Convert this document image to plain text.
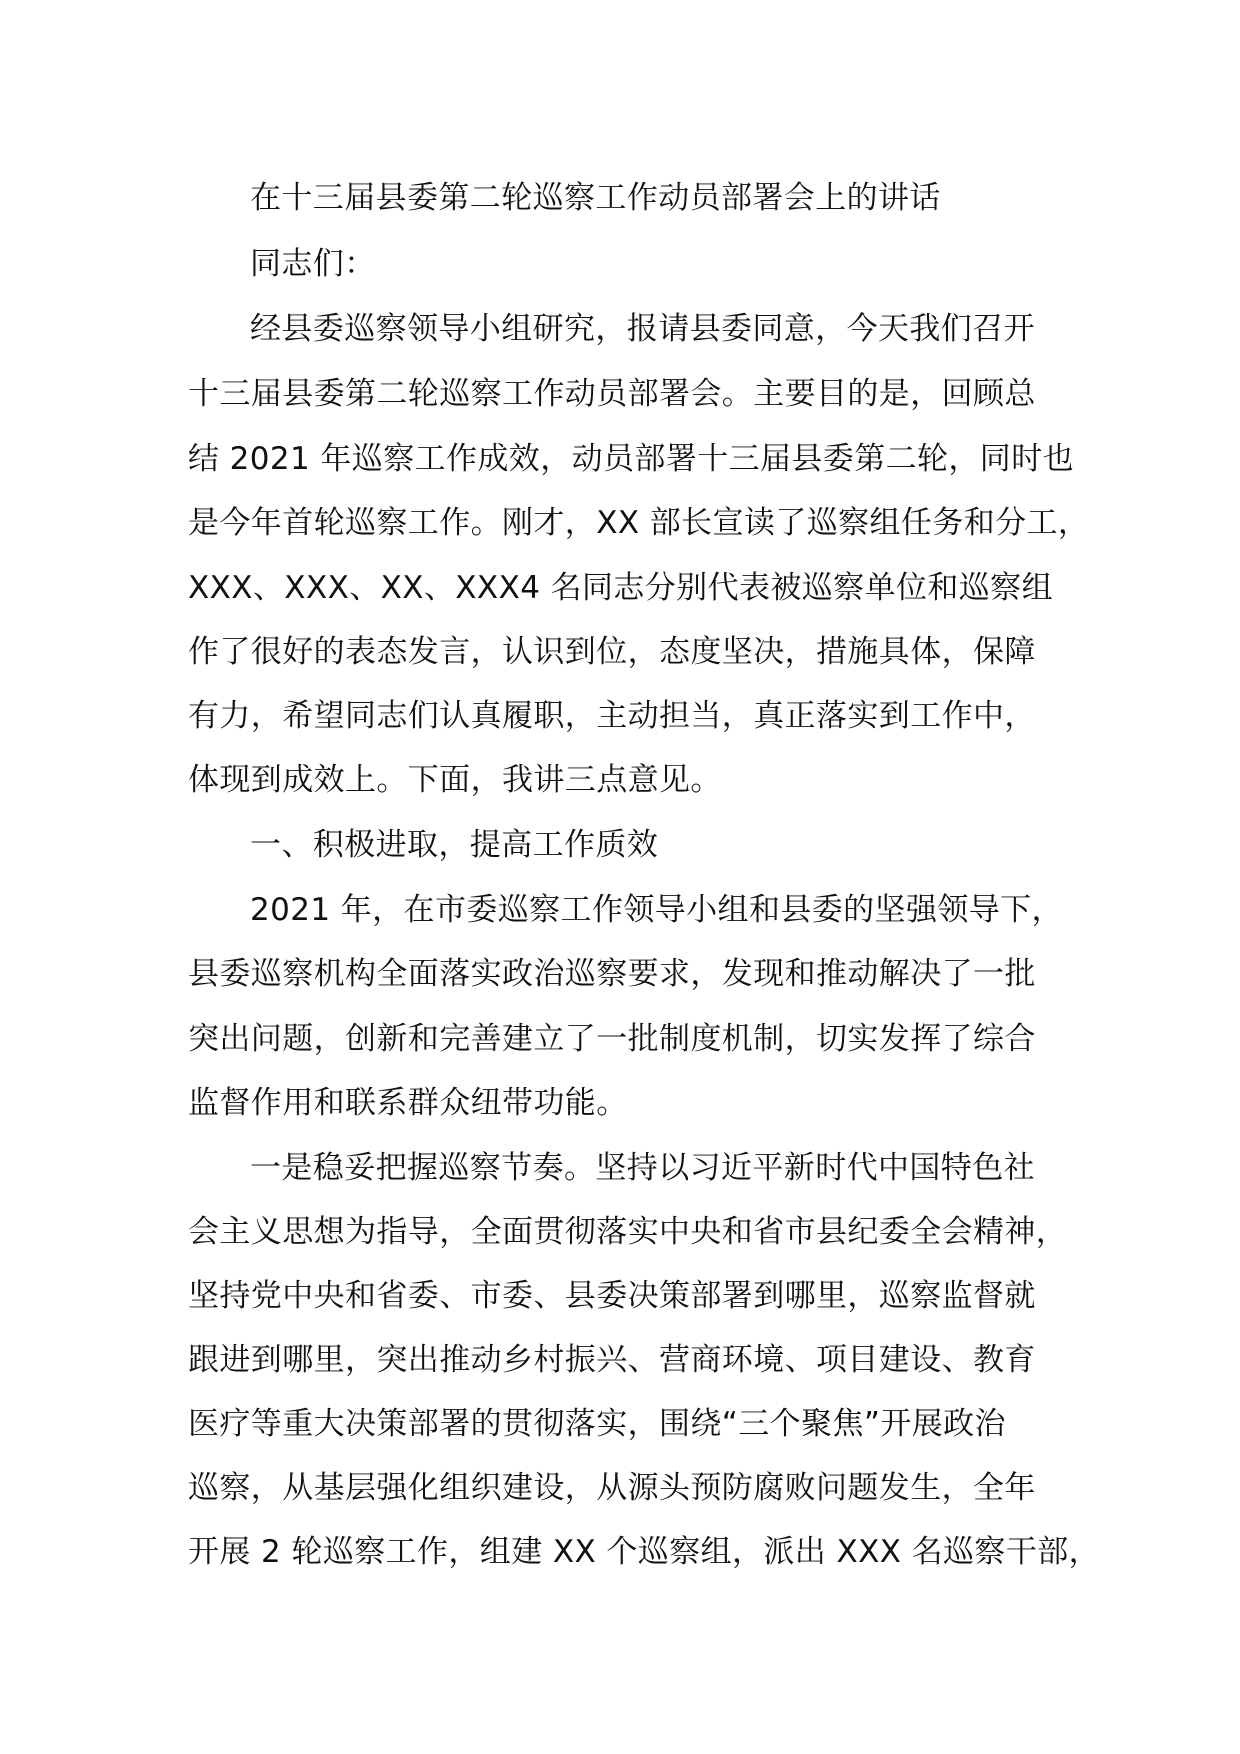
在十三届县委第二轮巡察工作动员部署会上的讲话
同志们：
经县委巡察领导小组研究，报请县委同意，今天我们召开
十三届县委第二轮巡察工作动员部署会。主要目的是，回顾总
结 2021 年巡察工作成效，动员部署十三届县委第二轮，同时也
是今年首轮巡察工作。刚才，XX 部长宣读了巡察组任务和分工，
XXX、XXX、XX、XXX4 名同志分别代表被巡察单位和巡察组
作了很好的表态发言，认识到位，态度坚决，措施具体，保障
有力，希望同志们认真履职，主动担当，真正落实到工作中，
体现到成效上。下面，我讲三点意见。
一、积极进取，提高工作质效
2021 年，在市委巡察工作领导小组和县委的坚强领导下，
县委巡察机构全面落实政治巡察要求，发现和推动解决了一批
突出问题，创新和完善建立了一批制度机制，切实发挥了综合
监督作用和联系群众纽带功能。
一是稳妥把握巡察节奏。坚持以习近平新时代中国特色社
会主义思想为指导，全面贯彻落实中央和省市县纪委全会精神，
坚持党中央和省委、市委、县委决策部署到哪里，巡察监督就
跟进到哪里，突出推动乡村振兴、营商环境、项目建设、教育
医疗等重大决策部署的贯彻落实，围绕“三个聚焦”开展政治
巡察，从基层强化组织建设，从源头预防腐败问题发生，全年
开展 2 轮巡察工作，组建 XX 个巡察组，派出 XXX 名巡察干部，
